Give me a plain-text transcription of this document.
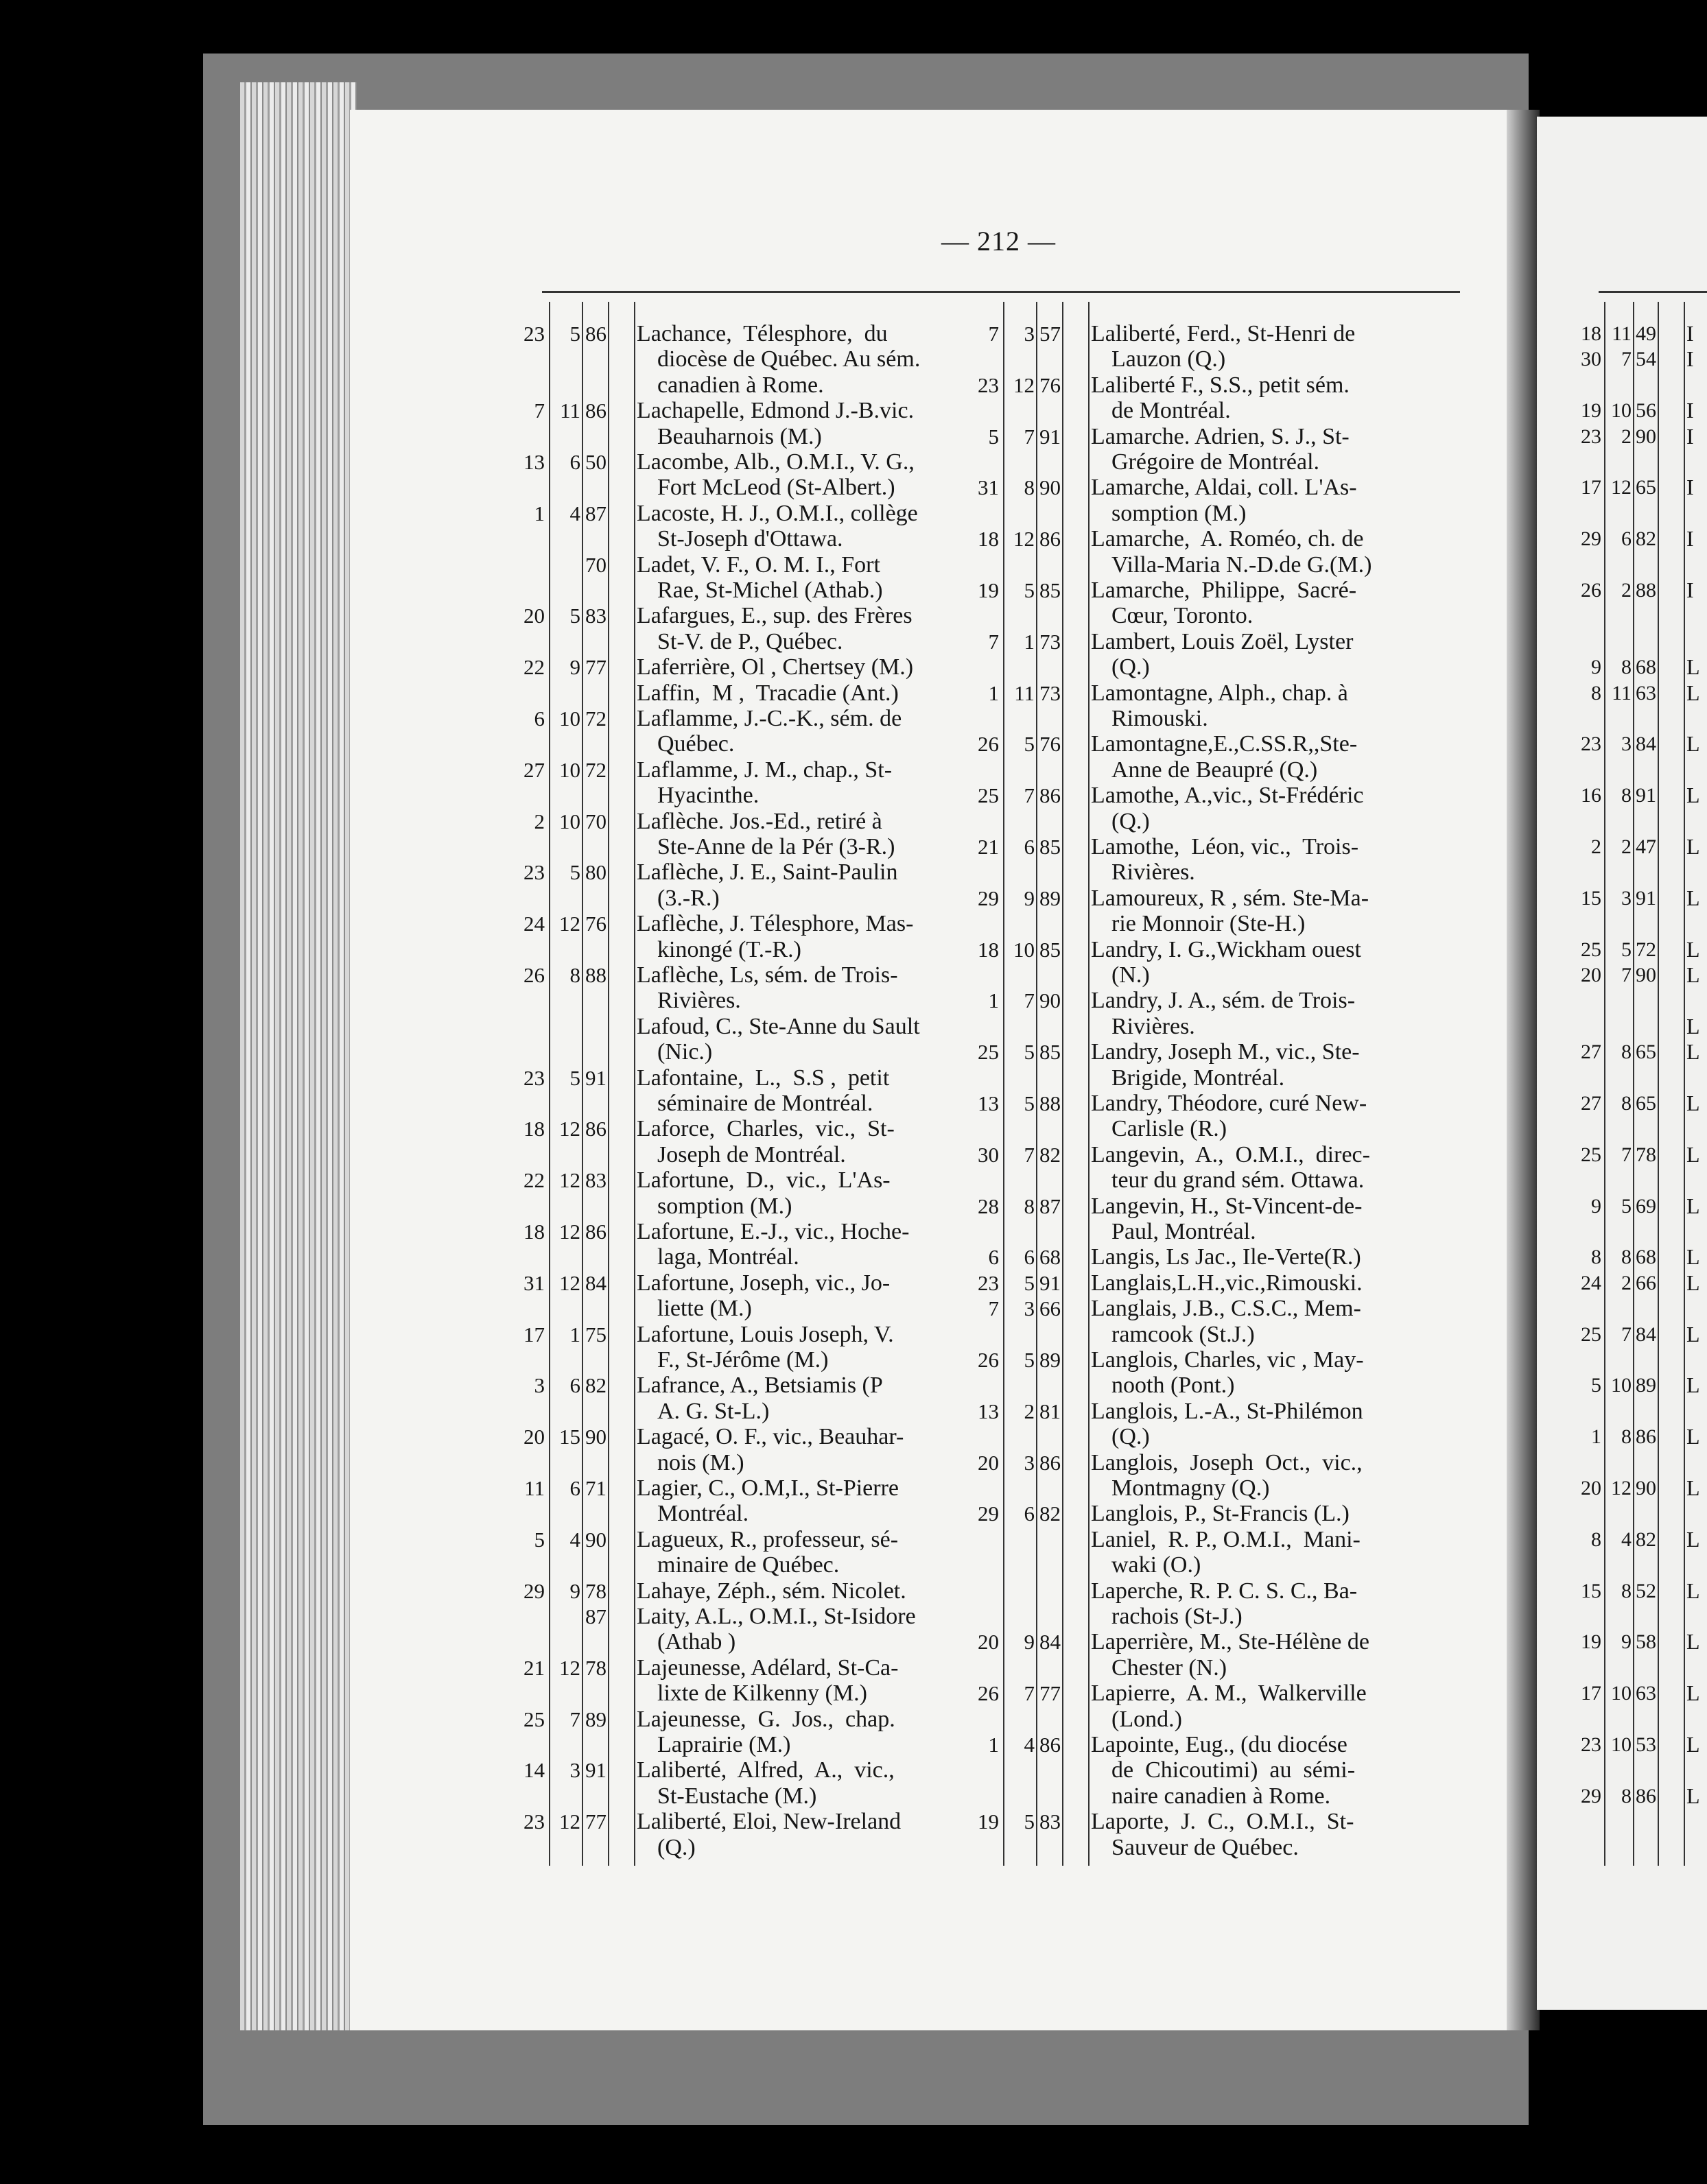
— 212 —
23	5 86 Lachance,  Télesphore,  du
diocèse de Québec. Au sém.
canadien à Rome.
7 11 86 Lachapelle, Edmond J.-B.vic.
Beauharnois (M.)
13	6 50 Lacombe, Alb., O.M.I., V. G.,
Fort McLeod (St-Albert.)
1	4 87 Lacoste, H. J., O.M.I., collège
St-Joseph d'Ottawa.
70 Ladet, V. F., O. M. I., Fort
Rae, St-Michel (Athab.)
20	5 83 Lafargues, E., sup. des Frères
St-V. de P., Québec.
22	9 77 Laferrière, Ol , Chertsey (M.)
Laffin,  M ,  Tracadie (Ant.)
6 10 72 Laflamme, J.-C.-K., sém. de
Québec.
27 10 72 Laflamme, J. M., chap., St-
Hyacinthe.
2 10 70 Laflèche. Jos.-Ed., retiré à
Ste-Anne de la Pér (3-R.)
23	5 80 Laflèche, J. E., Saint-Paulin
(3.-R.)
24 12 76 Laflèche, J. Télesphore, Mas-
kinongé (T.-R.)
26	8 88 Laflèche, Ls, sém. de Trois-
Rivières.
Lafoud, C., Ste-Anne du Sault
(Nic.)
23	5 91 Lafontaine,  L.,  S.S ,  petit
séminaire de Montréal.
18 12 86 Laforce,  Charles,  vic.,  St-
Joseph de Montréal.
22 12 83 Lafortune,  D.,  vic.,  L'As-
somption (M.)
18 12 86 Lafortune, E.-J., vic., Hoche-
laga, Montréal.
31 12 84 Lafortune, Joseph, vic., Jo-
liette (M.)
17	1 75 Lafortune, Louis Joseph, V.
F., St-Jérôme (M.)
3	6 82 Lafrance, A., Betsiamis (P
A. G. St-L.)
20 15 90 Lagacé, O. F., vic., Beauhar-
nois (M.)
11	6 71 Lagier, C., O.M,I., St-Pierre
Montréal.
5	4 90 Lagueux, R., professeur, sé-
minaire de Québec.
29	9 78 Lahaye, Zéph., sém. Nicolet.
87 Laity, A.L., O.M.I., St-Isidore
(Athab )
21 12 78 Lajeunesse, Adélard, St-Ca-
lixte de Kilkenny (M.)
25	7 89 Lajeunesse,  G.  Jos.,  chap.
Laprairie (M.)
14	3 91 Laliberté,  Alfred,  A.,  vic.,
St-Eustache (M.)
23 12 77 Laliberté, Eloi, New-Ireland
(Q.)
7	3 57 Laliberté, Ferd., St-Henri de
Lauzon (Q.)
23 12 76 Laliberté F., S.S., petit sém.
de Montréal.
5	7 91 Lamarche. Adrien, S. J., St-
Grégoire de Montréal.
31	8 90 Lamarche, Aldai, coll. L'As-
somption (M.)
18 12 86 Lamarche,  A. Roméo, ch. de
Villa-Maria N.-D.de G.(M.)
19	5 85 Lamarche,  Philippe,  Sacré-
Cœur, Toronto.
7	1 73 Lambert, Louis Zoël, Lyster
(Q.)
1 11 73 Lamontagne, Alph., chap. à
Rimouski.
26	5 76 Lamontagne,E.,C.SS.R,,Ste-
Anne de Beaupré (Q.)
25	7 86 Lamothe, A.,vic., St-Frédéric
(Q.)
21	6 85 Lamothe,  Léon, vic.,  Trois-
Rivières.
29	9 89 Lamoureux, R , sém. Ste-Ma-
rie Monnoir (Ste-H.)
18 10 85 Landry, I. G.,Wickham ouest
(N.)
1	7 90 Landry, J. A., sém. de Trois-
Rivières.
25	5 85 Landry, Joseph M., vic., Ste-
Brigide, Montréal.
13	5 88 Landry, Théodore, curé New-
Carlisle (R.)
30	7 82 Langevin,  A.,  O.M.I.,  direc-
teur du grand sém. Ottawa.
28	8 87 Langevin, H., St-Vincent-de-
Paul, Montréal.
6	6 68 Langis, Ls Jac., Ile-Verte(R.)
23	5 91 Langlais,L.H.,vic.,Rimouski.
7	3 66 Langlais, J.B., C.S.C., Mem-
ramcook (St.J.)
26	5 89 Langlois, Charles, vic , May-
nooth (Pont.)
13	2 81 Langlois, L.-A., St-Philémon
(Q.)
20	3 86 Langlois,  Joseph  Oct.,  vic.,
Montmagny (Q.)
29	6 82 Langlois, P., St-Francis (L.)
Laniel,  R. P., O.M.I.,  Mani-
waki (O.)
Laperche, R. P. C. S. C., Ba-
rachois (St-J.)
20	9 84 Laperrière, M., Ste-Hélène de
Chester (N.)
26	7 77 Lapierre,  A. M.,  Walkerville
(Lond.)
1	4 86 Lapointe, Eug., (du diocése
de  Chicoutimi)  au  sémi-
naire canadien à Rome.
19	5 83 Laporte,  J.  C.,  O.M.I.,  St-
Sauveur de Québec.
18 11 49 I
30 7 54 I
19 10 56 I
23 2 90 I
17 12 65 I
29 6 82 I
26 2 88 I
9 8 68 L
8 11 63 L
23 3 84 L
16 8 91 L
2 2 47 L
15 3 91 L
25 5 72 L
20 7 90 L
L
27 8 65 L
27 8 65 L
25 7 78 L
9 5 69 L
8 8 68 L
24 2 66 L
25 7 84 L
5 10 89 L
1 8 86 L
20 12 90 L
8 4 82 L
15 8 52 L
19 9 58 L
17 10 63 L
23 10 53 L
29 8 86 L
